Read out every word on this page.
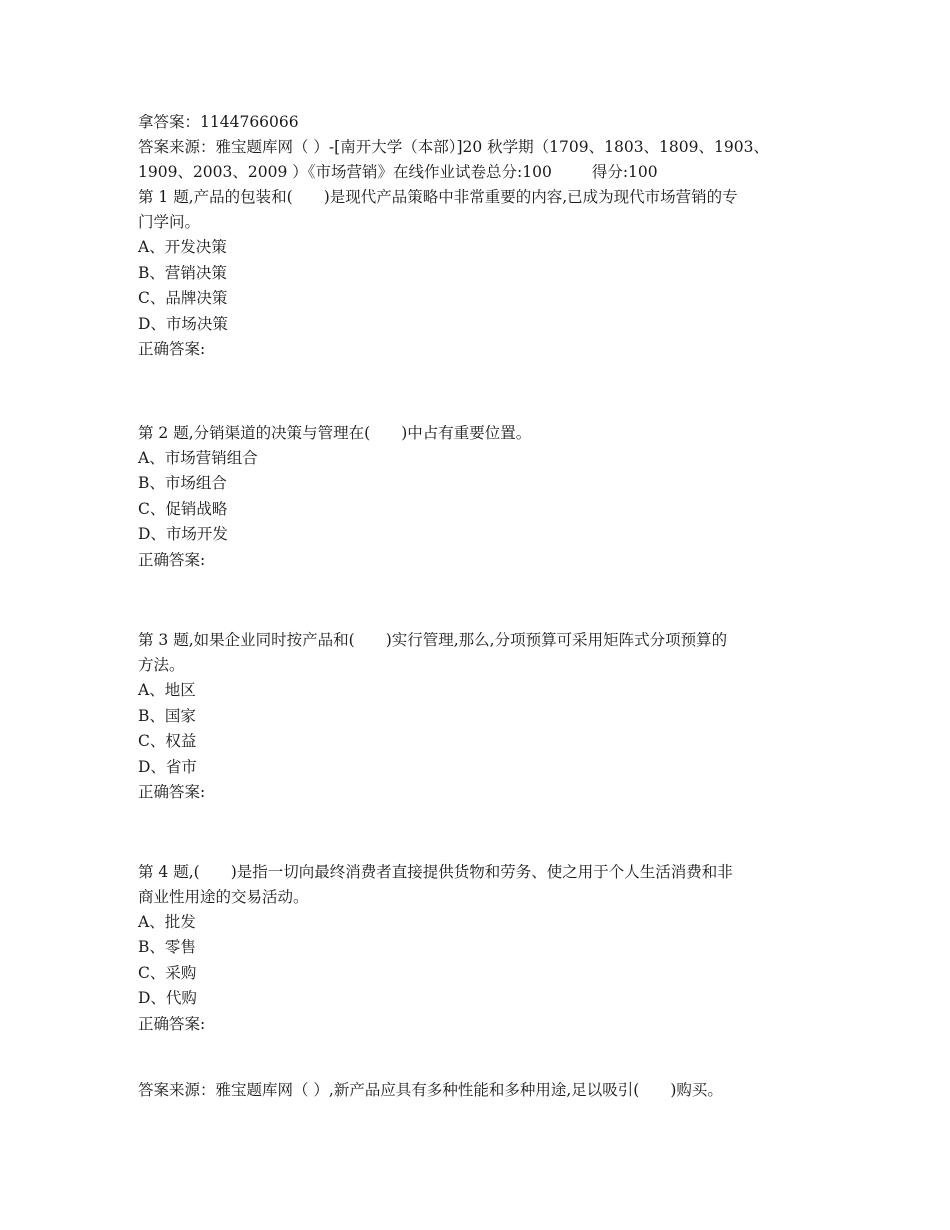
拿答案：1144766066
答案来源：雅宝题库网（ ）-[南开大学（本部）]20 秋学期（1709、1803、1809、1903、
1909、2003、2009 ）《市场营销》在线作业试卷总分:100	得分:100
第 1 题,产品的包装和(　　)是现代产品策略中非常重要的内容,已成为现代市场营销的专
门学问。
A、开发决策
B、营销决策
C、品牌决策
D、市场决策
正确答案:
第 2 题,分销渠道的决策与管理在(　　)中占有重要位置。
A、市场营销组合
B、市场组合
C、促销战略
D、市场开发
正确答案:
第 3 题,如果企业同时按产品和(　　)实行管理,那么,分项预算可采用矩阵式分项预算的
方法。
A、地区
B、国家
C、权益
D、省市
正确答案:
第 4 题,(　　)是指一切向最终消费者直接提供货物和劳务、使之用于个人生活消费和非
商业性用途的交易活动。
A、批发
B、零售
C、采购
D、代购
正确答案:
答案来源：雅宝题库网（ ）,新产品应具有多种性能和多种用途,足以吸引(　　)购买。
